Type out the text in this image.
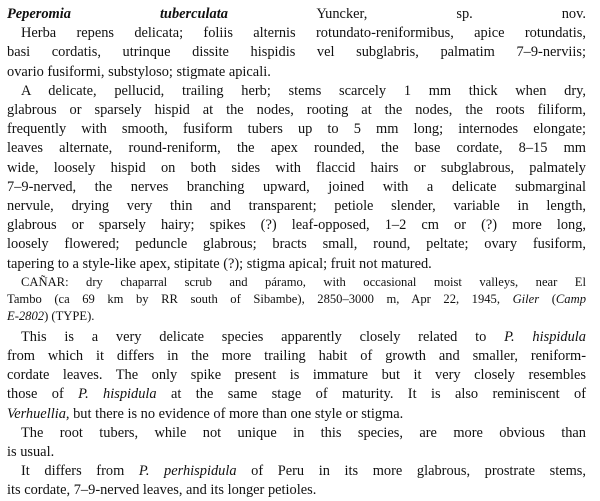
Peperomia tuberculata	Yuncker, sp. nov.
Herba repens delicata; foliis alternis rotundato-reniformibus, apice rotundatis,
basi cordatis, utrinque dissite hispidis vel subglabris, palmatim 7–9-nerviis;
ovario fusiformi, substyloso; stigmate apicali.
A delicate, pellucid, trailing herb; stems scarcely 1 mm thick when dry,
glabrous or sparsely hispid at the nodes, rooting at the nodes, the roots filiform,
frequently with smooth, fusiform tubers up to 5 mm long; internodes elongate;
leaves alternate, round-reniform, the apex rounded, the base cordate, 8–15 mm
wide, loosely hispid on both sides with flaccid hairs or subglabrous, palmately
7–9-nerved, the nerves branching upward, joined with a delicate submarginal
nervule, drying very thin and transparent; petiole slender, variable in length,
glabrous or sparsely hairy; spikes (?) leaf-opposed, 1–2 cm or (?) more long,
loosely flowered; peduncle glabrous; bracts small, round, peltate; ovary fusiform,
tapering to a style-like apex, stipitate (?); stigma apical; fruit not matured.
CAÑAR: dry chaparral scrub and páramo, with occasional moist valleys, near El
Tambo (ca 69 km by RR south of Sibambe), 2850–3000 m, Apr 22, 1945, Giler (Camp
E-2802) (TYPE).
This is a very delicate species apparently closely related to P. hispidula
from which it differs in the more trailing habit of growth and smaller, reniform-
cordate leaves. The only spike present is immature but it very closely resembles
those of P. hispidula at the same stage of maturity. It is also reminiscent of
Verhuellia, but there is no evidence of more than one style or stigma.
The root tubers, while not unique in this species, are more obvious than
is usual.
It differs from P. perhispidula of Peru in its more glabrous, prostrate stems,
its cordate, 7–9-nerved leaves, and its longer petioles.
